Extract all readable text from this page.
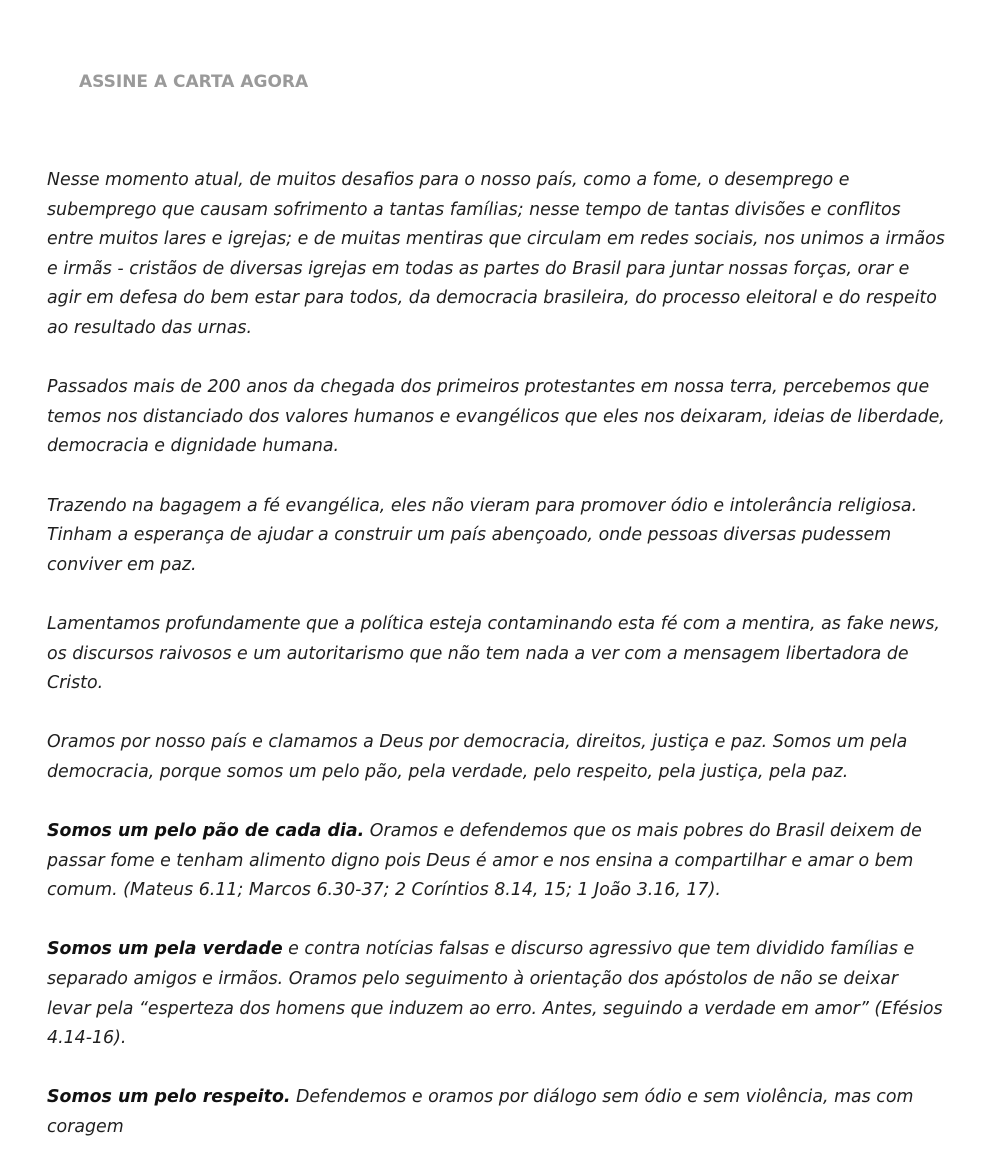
ASSINE A CARTA AGORA

Nesse momento atual, de muitos desafios para o nosso país, como a fome, o desemprego e subemprego que causam sofrimento a tantas famílias; nesse tempo de tantas divisões e conflitos entre muitos lares e igrejas; e de muitas mentiras que circulam em redes sociais, nos unimos a irmãos e irmãs - cristãos de diversas igrejas em todas as partes do Brasil para juntar nossas forças, orar e agir em defesa do bem estar para todos, da democracia brasileira, do processo eleitoral e do respeito ao resultado das urnas.

Passados mais de 200 anos da chegada dos primeiros protestantes em nossa terra, percebemos que temos nos distanciado dos valores humanos e evangélicos que eles nos deixaram, ideias de liberdade, democracia e dignidade humana.

Trazendo na bagagem a fé evangélica, eles não vieram para promover ódio e intolerância religiosa. Tinham a esperança de ajudar a construir um país abençoado, onde pessoas diversas pudessem conviver em paz.

Lamentamos profundamente que a política esteja contaminando esta fé com a mentira, as fake news, os discursos raivosos e um autoritarismo que não tem nada a ver com a mensagem libertadora de Cristo.

Oramos por nosso país e clamamos a Deus por democracia, direitos, justiça e paz. Somos um pela democracia, porque somos um pelo pão, pela verdade, pelo respeito, pela justiça, pela paz.

Somos um pelo pão de cada dia. Oramos e defendemos que os mais pobres do Brasil deixem de passar fome e tenham alimento digno pois Deus é amor e nos ensina a compartilhar e amar o bem comum. (Mateus 6.11; Marcos 6.30-37; 2 Coríntios 8.14, 15; 1 João 3.16, 17).

Somos um pela verdade e contra notícias falsas e discurso agressivo que tem dividido famílias e separado amigos e irmãos. Oramos pelo seguimento à orientação dos apóstolos de não se deixar levar pela “esperteza dos homens que induzem ao erro. Antes, seguindo a verdade em amor” (Efésios 4.14-16).

Somos um pelo respeito. Defendemos e oramos por diálogo sem ódio e sem violência, mas com coragem
